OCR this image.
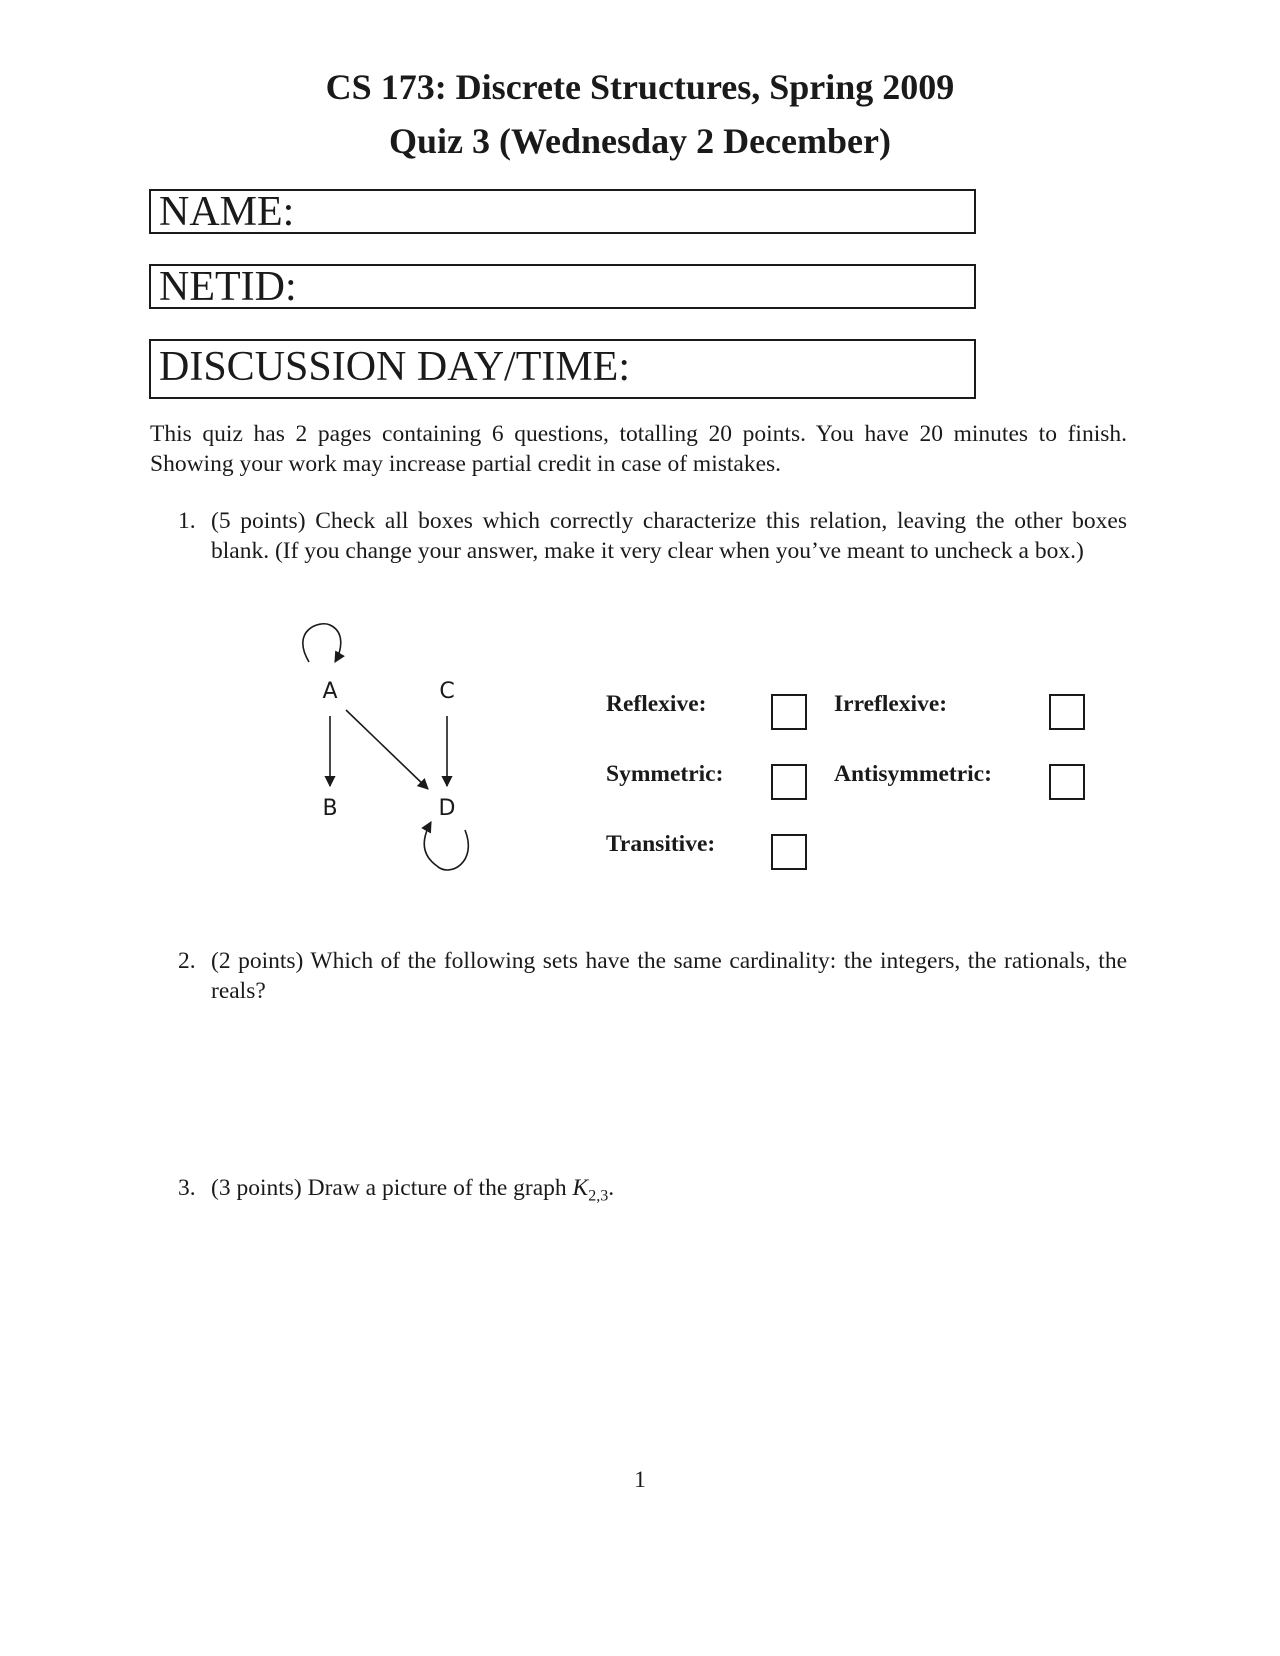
CS 173: Discrete Structures, Spring 2009
Quiz 3 (Wednesday 2 December)
NAME:
NETID:
DISCUSSION DAY/TIME:
This quiz has 2 pages containing 6 questions, totalling 20 points. You have 20 minutes to finish. Showing your work may increase partial credit in case of mistakes.
1. (5 points) Check all boxes which correctly characterize this relation, leaving the other boxes blank. (If you change your answer, make it very clear when you’ve meant to uncheck a box.)
A	C
B	D
Reflexive:	Irreflexive:
Symmetric:	Antisymmetric:
Transitive:
2. (2 points) Which of the following sets have the same cardinality: the integers, the rationals, the reals?
3. (3 points) Draw a picture of the graph $K_{2,3}$.
1
